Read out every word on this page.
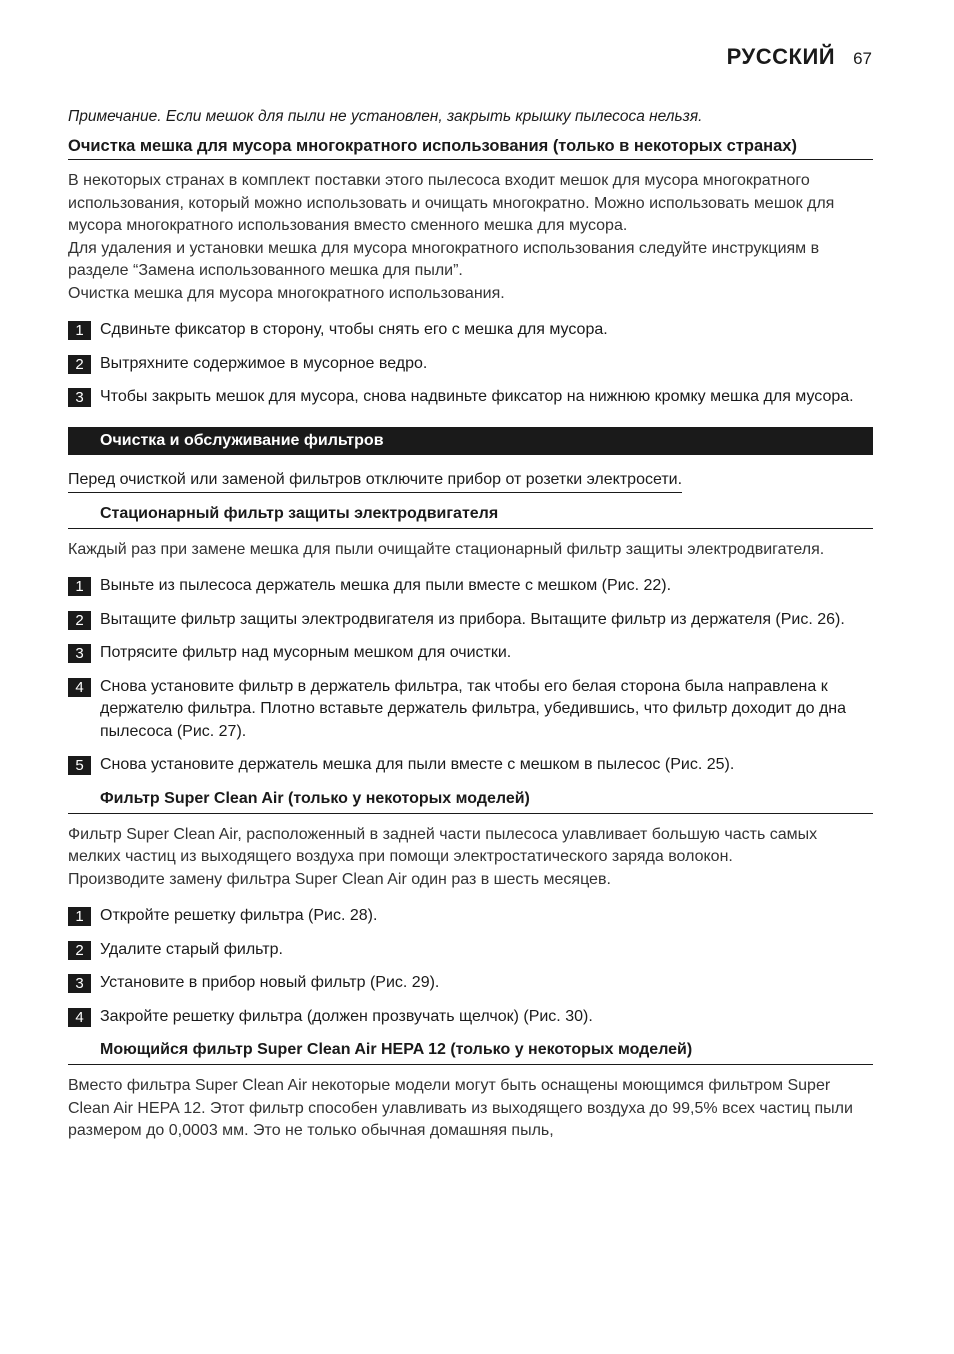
РУССКИЙ 67

Примечание. Если мешок для пыли не установлен, закрыть крышку пылесоса нельзя.

Очистка мешка для мусора многократного использования (только в некоторых странах)

В некоторых странах в комплект поставки этого пылесоса входит мешок для мусора многократного использования, который можно использовать и очищать многократно. Можно использовать мешок для мусора многократного использования вместо сменного мешка для мусора.

Для удаления и установки мешка для мусора многократного использования следуйте инструкциям в разделе “Замена использованного мешка для пыли”.

Очистка мешка для мусора многократного использования.

1	Сдвиньте фиксатор в сторону, чтобы снять его с мешка для мусора.
2	Вытряхните содержимое в мусорное ведро.
3	Чтобы закрыть мешок для мусора, снова надвиньте фиксатор на нижнюю кромку мешка для мусора.
Очистка и обслуживание фильтров
Перед очисткой или заменой фильтров отключите прибор от розетки электросети.
Стационарный фильтр защиты электродвигателя

Каждый раз при замене мешка для пыли очищайте стационарный фильтр защиты электродвигателя.

1	Выньте из пылесоса держатель мешка для пыли вместе с мешком (Рис. 22).
2	Вытащите фильтр защиты электродвигателя из прибора. Вытащите фильтр из держателя (Рис. 26).
3	Потрясите фильтр над мусорным мешком для очистки.
4	Снова установите фильтр в держатель фильтра, так чтобы его белая сторона была направлена к держателю фильтра. Плотно вставьте держатель фильтра, убедившись, что фильтр доходит до дна пылесоса (Рис. 27).
5	Снова установите держатель мешка для пыли вместе с мешком в пылесос (Рис. 25).
Фильтр Super Clean Air (только у некоторых моделей)

Фильтр Super Clean Air, расположенный в задней части пылесоса улавливает большую часть самых мелких частиц из выходящего воздуха при помощи электростатического заряда волокон.

Производите замену фильтра Super Clean Air один раз в шесть месяцев.

1	Откройте решетку фильтра (Рис. 28).
2	Удалите старый фильтр.
3	Установите в прибор новый фильтр (Рис. 29).
4	Закройте решетку фильтра (должен прозвучать щелчок) (Рис. 30).
Моющийся фильтр Super Clean Air HEPA 12 (только у некоторых моделей)

Вместо фильтра Super Clean Air некоторые модели могут быть оснащены моющимся фильтром Super Clean Air HEPA 12. Этот фильтр способен улавливать из выходящего воздуха до 99,5% всех частиц пыли размером до 0,0003 мм. Это не только обычная домашняя пыль,
